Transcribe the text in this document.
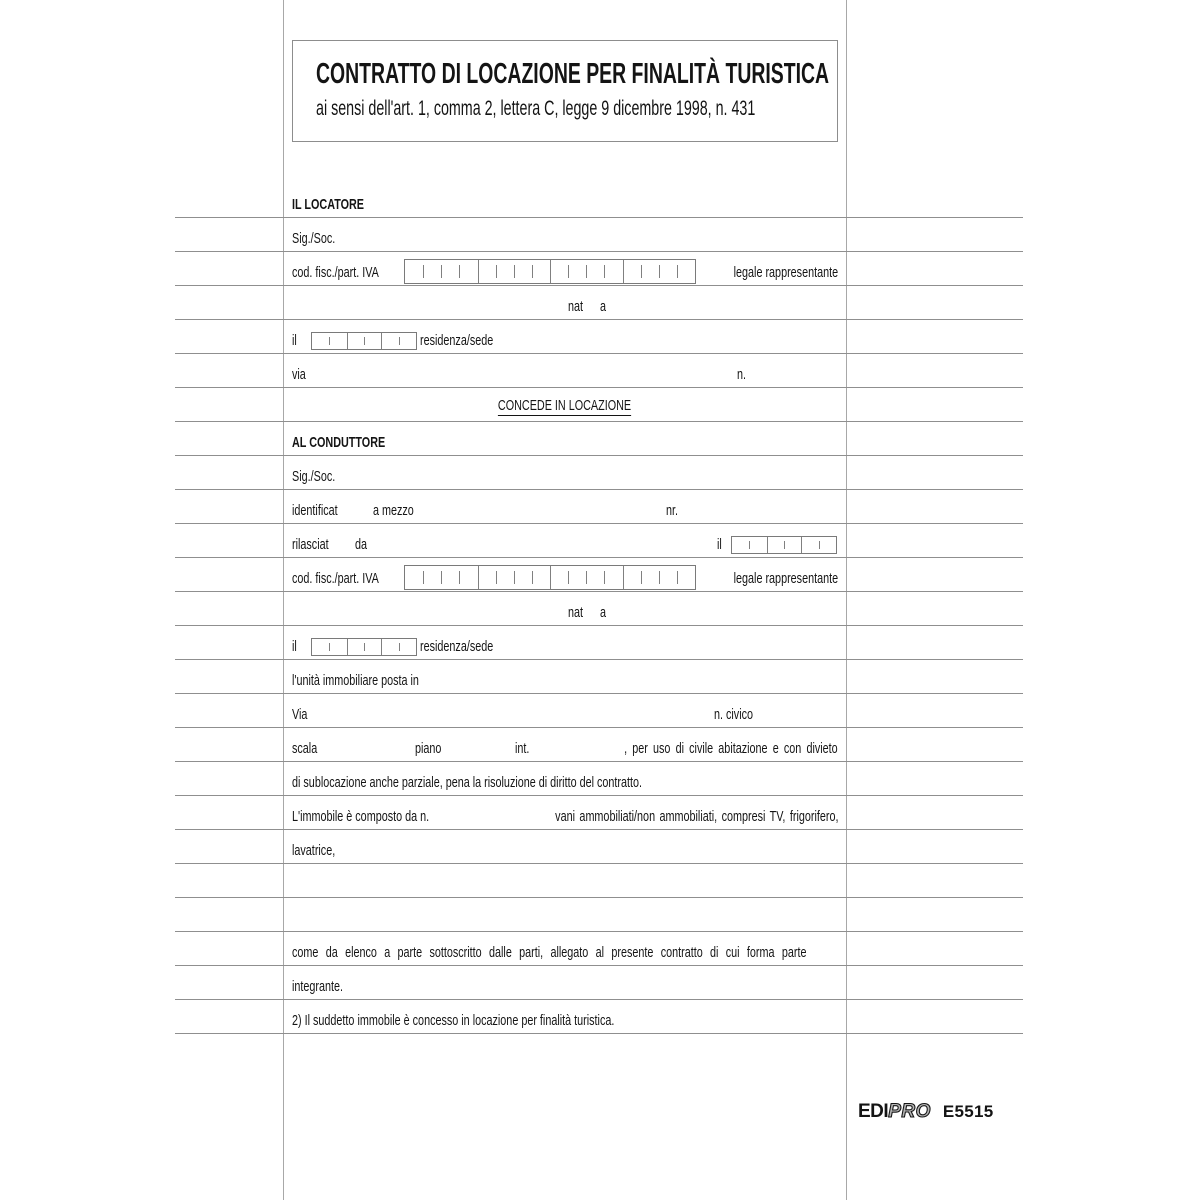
CONTRATTO DI LOCAZIONE PER FINALITÀ TURISTICA
ai sensi dell'art. 1, comma 2, lettera C, legge 9 dicembre 1998, n. 431
IL LOCATORE
Sig./Soc.
cod. fisc./part. IVA	legale rappresentante
nat a
il	residenza/sede
via	n.
CONCEDE IN LOCAZIONE
AL CONDUTTORE
Sig./Soc.
identificat a mezzo	nr.
rilasciat da	il
cod. fisc./part. IVA	legale rappresentante
nat a
il	residenza/sede
l'unità immobiliare posta in
Via	n. civico
scala	piano	int.	, per uso di civile abitazione e con divieto
di sublocazione anche parziale, pena la risoluzione di diritto del contratto.
L'immobile è composto da n.	vani ammobiliati/non ammobiliati, compresi TV, frigorifero,
lavatrice,
come da elenco a parte sottoscritto dalle parti, allegato al presente contratto di cui forma parte
integrante.
2) Il suddetto immobile è concesso in locazione per finalità turistica.
EDI PRO E5515
